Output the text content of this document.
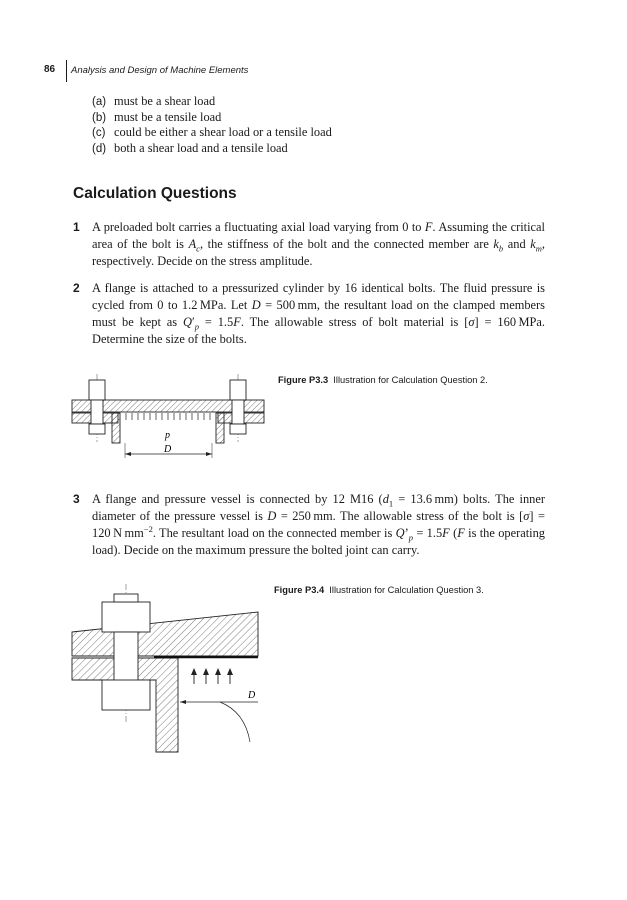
86 Analysis and Design of Machine Elements
(a) must be a shear load
(b) must be a tensile load
(c) could be either a shear load or a tensile load
(d) both a shear load and a tensile load
Calculation Questions
1 A preloaded bolt carries a fluctuating axial load varying from 0 to F. Assuming the critical area of the bolt is $A_c$, the stiffness of the bolt and the connected member are $k_b$ and $k_m$, respectively. Decide on the stress amplitude.
2 A flange is attached to a pressurized cylinder by 16 identical bolts. The fluid pressure is cycled from 0 to 1.2 MPa. Let D = 500 mm, the resultant load on the clamped members must be kept as $Q'_p = 1.5F$. The allowable stress of bolt material is [σ] = 160 MPa. Determine the size of the bolts.
p
D
Figure P3.3 Illustration for Calculation Question 2.
3 A flange and pressure vessel is connected by 12 M16 ($d_1 = 13.6$ mm) bolts. The inner diameter of the pressure vessel is D = 250 mm. The allowable stress of the bolt is [σ] = 120 N $mm^{-2}$. The resultant load on the connected member is $Q’_p = 1.5F$ (F is the operating load). Decide on the maximum pressure the bolted joint can carry.
D
Figure P3.4 Illustration for Calculation Question 3.
